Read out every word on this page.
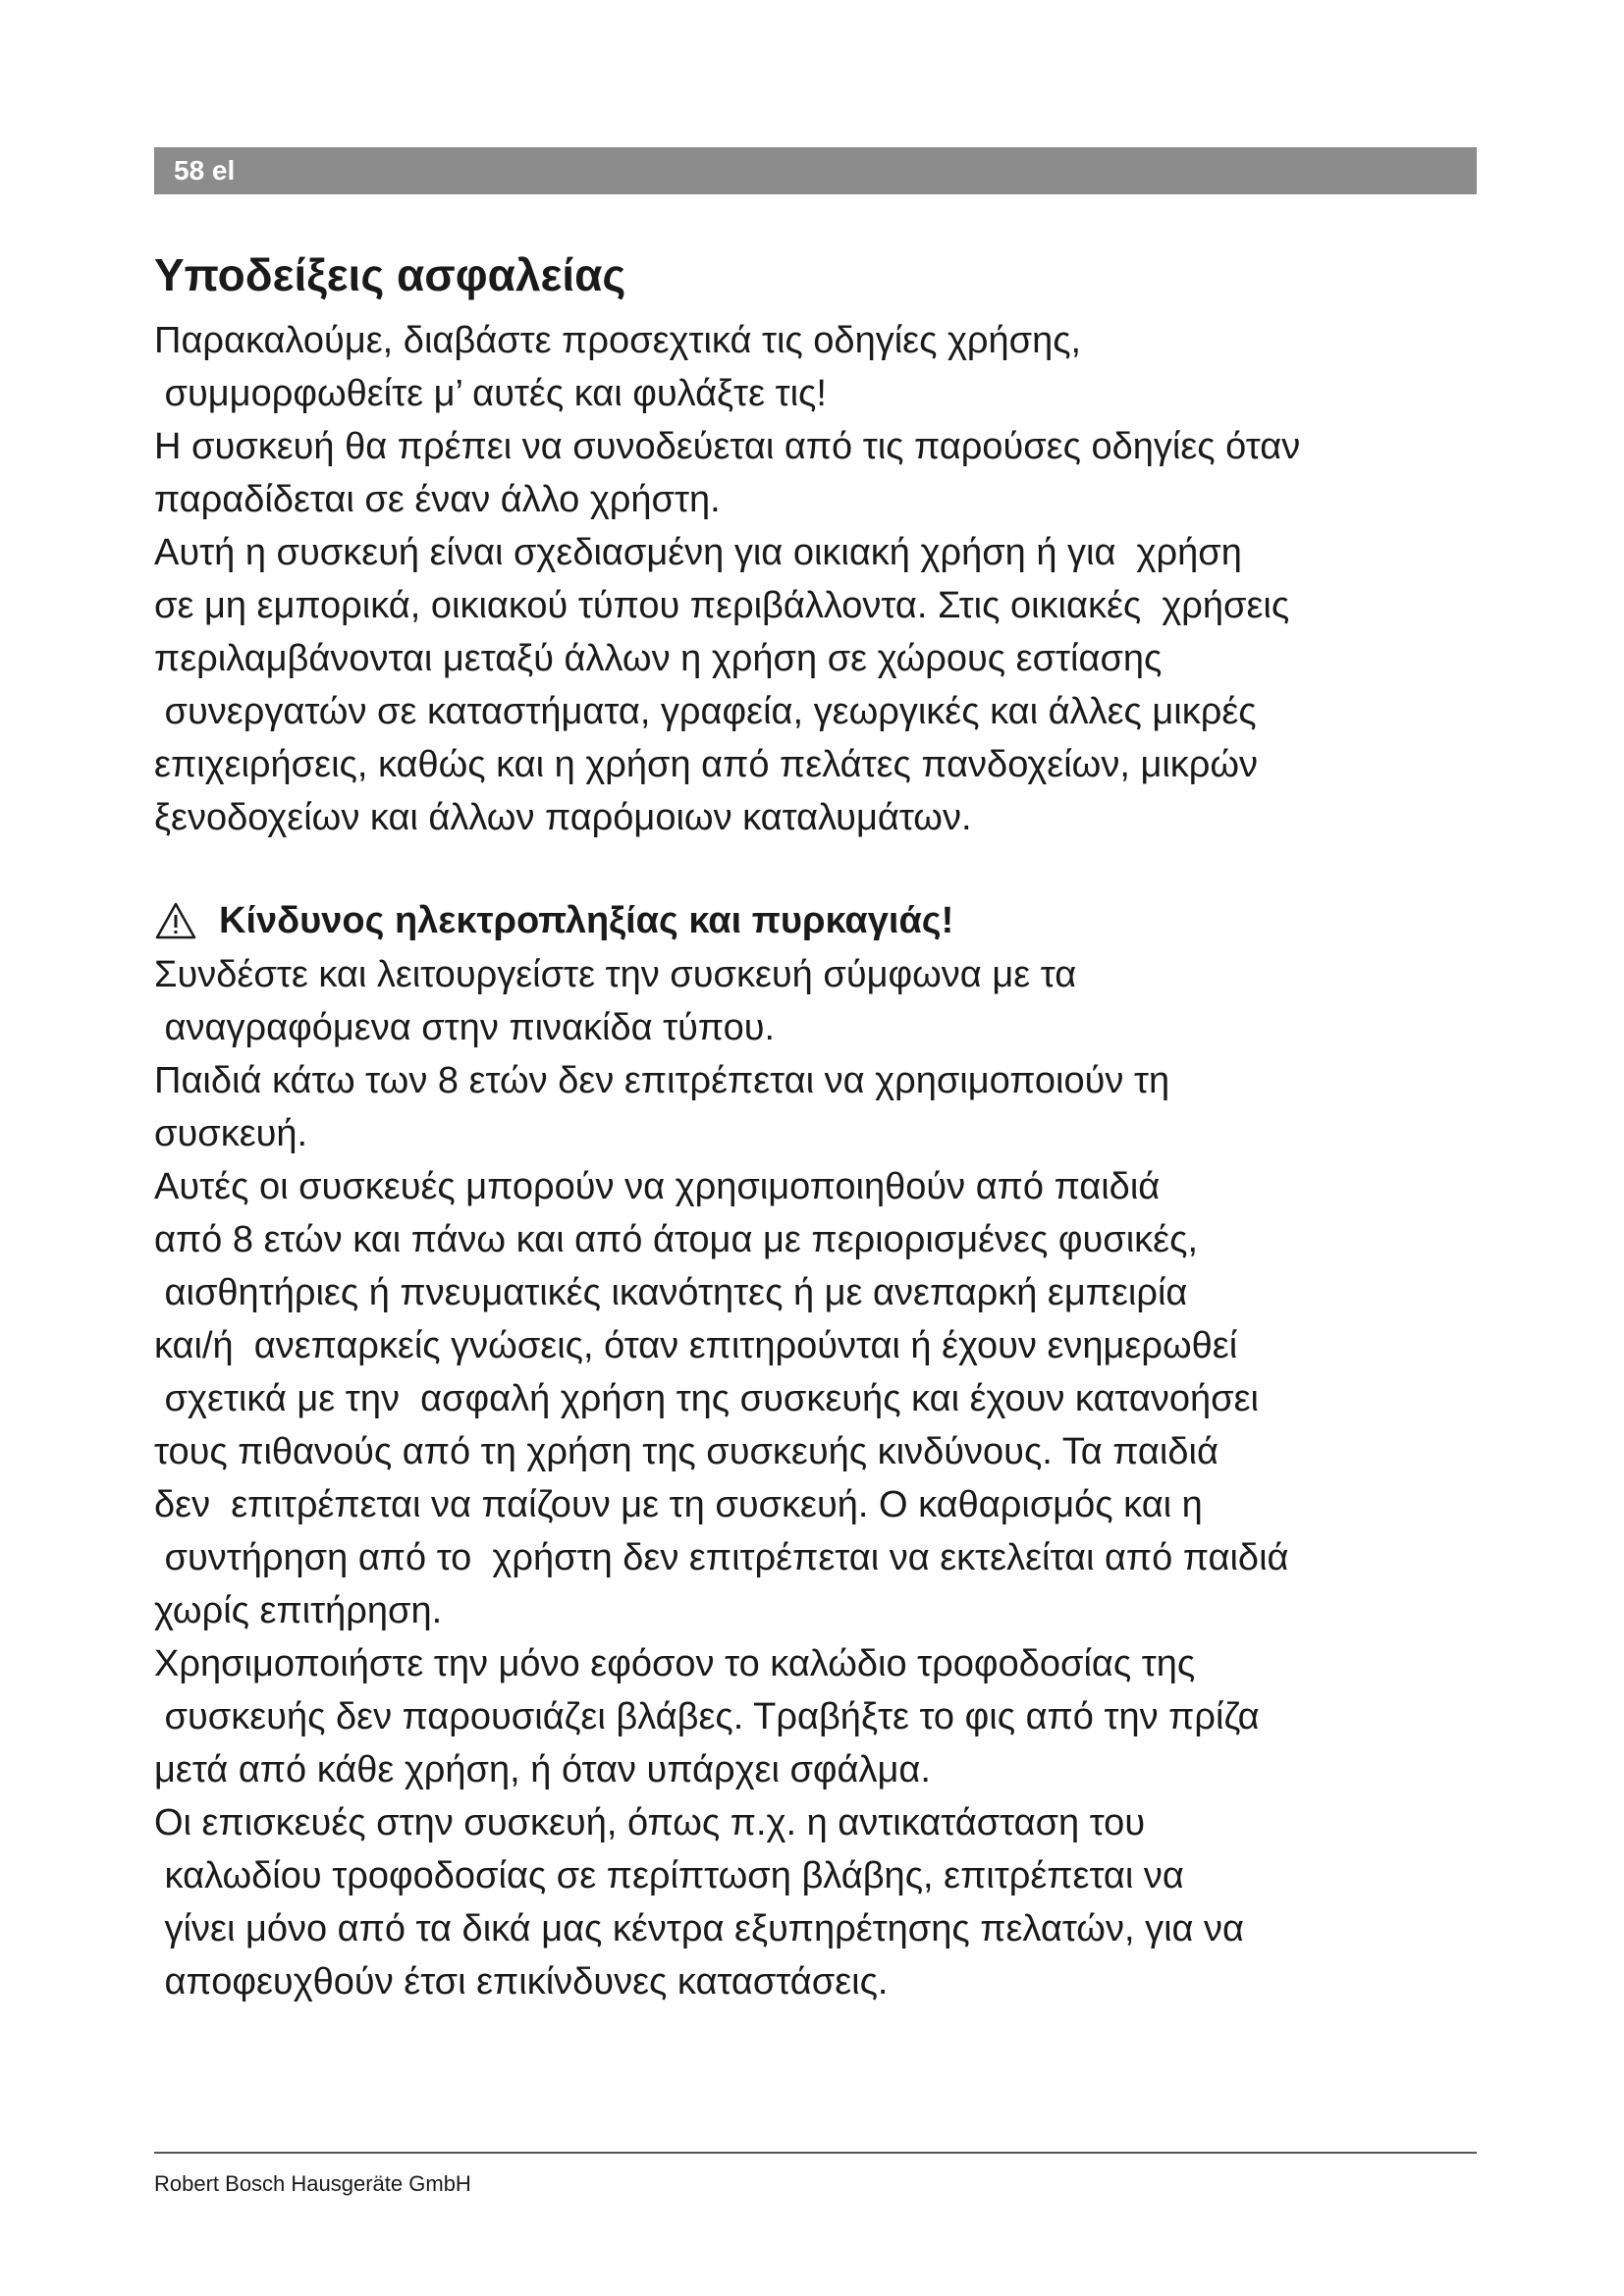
58 el
Υποδείξεις ασφαλείας

Παρακαλούμε, διαβάστε προσεχτικά τις οδηγίες χρήσης,

συμμορφωθείτε μ’ αυτές και φυλάξτε τις!

Η συσκευή θα πρέπει να συνοδεύεται από τις παρούσες οδηγίες όταν

παραδίδεται σε έναν άλλο χρήστη.

Αυτή η συσκευή είναι σχεδιασμένη για οικιακή χρήση ή για  χρήση

σε μη εμπορικά, οικιακού τύπου περιβάλλοντα. Στις οικιακές  χρήσεις

περιλαμβάνονται μεταξύ άλλων η χρήση σε χώρους εστίασης

συνεργατών σε καταστήματα, γραφεία, γεωργικές και άλλες μικρές

επιχειρήσεις, καθώς και η χρήση από πελάτες πανδοχείων, μικρών

ξενοδοχείων και άλλων παρόμοιων καταλυμάτων.

Κίνδυνος ηλεκτροπληξίας και πυρκαγιάς!

Συνδέστε και λειτουργείστε την συσκευή σύμφωνα με τα

αναγραφόμενα στην πινακίδα τύπου.

Παιδιά κάτω των 8 ετών δεν επιτρέπεται να χρησιμοποιούν τη

συσκευή.

Αυτές οι συσκευές μπορούν να χρησιμοποιηθούν από παιδιά

από 8 ετών και πάνω και από άτομα με περιορισμένες φυσικές,

αισθητήριες ή πνευματικές ικανότητες ή με ανεπαρκή εμπειρία

και/ή  ανεπαρκείς γνώσεις, όταν επιτηρούνται ή έχουν ενημερωθεί

σχετικά με την  ασφαλή χρήση της συσκευής και έχουν κατανοήσει

τους πιθανούς από τη χρήση της συσκευής κινδύνους. Τα παιδιά

δεν  επιτρέπεται να παίζουν με τη συσκευή. Ο καθαρισμός και η

συντήρηση από το  χρήστη δεν επιτρέπεται να εκτελείται από παιδιά

χωρίς επιτήρηση.

Χρησιμοποιήστε την μόνο εφόσον το καλώδιο τροφοδοσίας της

συσκευής δεν παρουσιάζει βλάβες. Τραβήξτε το φις από την πρίζα

μετά από κάθε χρήση, ή όταν υπάρχει σφάλμα.

Οι επισκευές στην συσκευή, όπως π.χ. η αντικατάσταση του

καλωδίου τροφοδοσίας σε περίπτωση βλάβης, επιτρέπεται να

γίνει μόνο από τα δικά μας κέντρα εξυπηρέτησης πελατών, για να

αποφευχθούν έτσι επικίνδυνες καταστάσεις.

Robert Bosch Hausgeräte GmbH
